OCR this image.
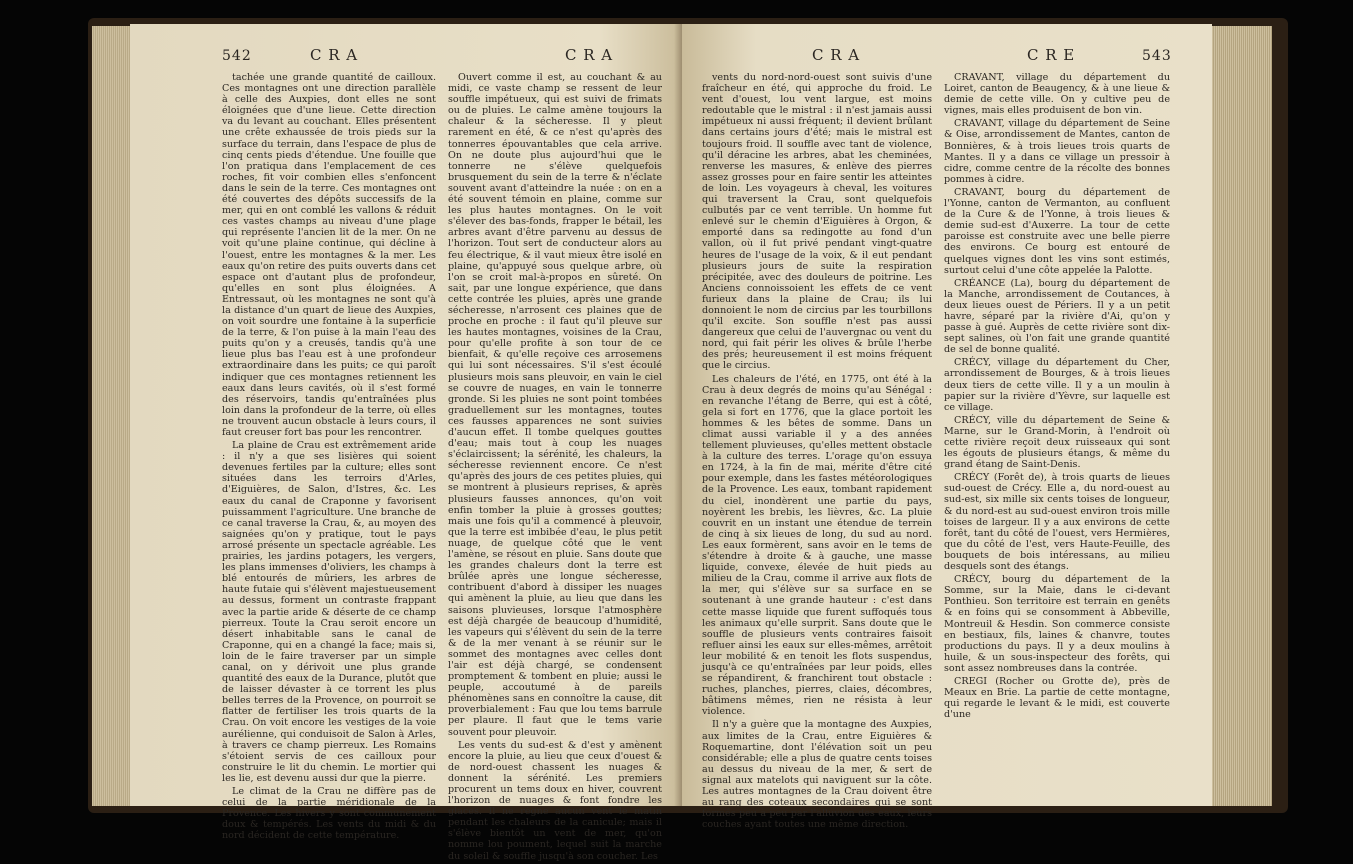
542	C R A	C R A

tachée une grande quantité de cailloux. Ces montagnes ont une direction parallèle à celle des Auxpies, dont elles ne sont éloignées que d'une lieue. Cette direction va du levant au couchant. Elles présentent une crête exhaussée de trois pieds sur la surface du terrain, dans l'espace de plus de cinq cents pieds d'étendue. Une fouille que l'on pratiqua dans l'emplacement de ces roches, fit voir combien elles s'enfoncent dans le sein de la terre. Ces montagnes ont été couvertes des dépôts successifs de la mer, qui en ont comblé les vallons & réduit ces vastes champs au niveau d'une plage qui représente l'ancien lit de la mer. On ne voit qu'une plaine continue, qui décline à l'ouest, entre les montagnes & la mer. Les eaux qu'on retire des puits ouverts dans cet espace ont d'autant plus de profondeur, qu'elles en sont plus éloignées. A Entressaut, où les montagnes ne sont qu'à la distance d'un quart de lieue des Auxpies, on voit sourdre une fontaine à la superficie de la terre, & l'on puise à la main l'eau des puits qu'on y a creusés, tandis qu'à une lieue plus bas l'eau est à une profondeur extraordinaire dans les puits; ce qui paroît indiquer que ces montagnes retiennent les eaux dans leurs cavités, où il s'est formé des réservoirs, tandis qu'entraînées plus loin dans la profondeur de la terre, où elles ne trouvent aucun obstacle à leurs cours, il faut creuser fort bas pour les rencontrer.

La plaine de Crau est extrêmement aride : il n'y a que ses lisières qui soient devenues fertiles par la culture; elles sont situées dans les terroirs d'Arles, d'Eiguières, de Salon, d'Istres, &c. Les eaux du canal de Craponne y favorisent puissamment l'agriculture. Une branche de ce canal traverse la Crau, &, au moyen des saignées qu'on y pratique, tout le pays arrosé présente un spectacle agréable. Les prairies, les jardins potagers, les vergers, les plans immenses d'oliviers, les champs à blé entourés de mûriers, les arbres de haute futaie qui s'élèvent majestueusement au dessus, forment un contraste frappant avec la partie aride & déserte de ce champ pierreux. Toute la Crau seroit encore un désert inhabitable sans le canal de Craponne, qui en a changé la face; mais si, loin de le faire traverser par un simple canal, on y dérivoit une plus grande quantité des eaux de la Durance, plutôt que de laisser dévaster à ce torrent les plus belles terres de la Provence, on pourroit se flatter de fertiliser les trois quarts de la Crau. On voit encore les vestiges de la voie aurélienne, qui conduisoit de Salon à Arles, à travers ce champ pierreux. Les Romains s'étoient servis de ces cailloux pour construire le lit du chemin. Le mortier qui les lie, est devenu aussi dur que la pierre.

Le climat de la Crau ne diffère pas de celui de la partie méridionale de la Provence. Les hivers y sont communément doux & tempérés. Les vents du midi & du nord décident de cette température.

Ouvert comme il est, au couchant & au midi, ce vaste champ se ressent de leur souffle impétueux, qui est suivi de frimats ou de pluies. Le calme amène toujours la chaleur & la sécheresse. Il y pleut rarement en été, & ce n'est qu'après des tonnerres épouvantables que cela arrive. On ne doute plus aujourd'hui que le tonnerre ne s'élève quelquefois brusquement du sein de la terre & n'éclate souvent avant d'atteindre la nuée : on en a été souvent témoin en plaine, comme sur les plus hautes montagnes. On le voit s'élever des bas-fonds, frapper le bétail, les arbres avant d'être parvenu au dessus de l'horizon. Tout sert de conducteur alors au feu électrique, & il vaut mieux être isolé en plaine, qu'appuyé sous quelque arbre, où l'on se croit mal-à-propos en sûreté. On sait, par une longue expérience, que dans cette contrée les pluies, après une grande sécheresse, n'arrosent ces plaines que de proche en proche : il faut qu'il pleuve sur les hautes montagnes, voisines de la Crau, pour qu'elle profite à son tour de ce bienfait, & qu'elle reçoive ces arrosemens qui lui sont nécessaires. S'il s'est écoulé plusieurs mois sans pleuvoir, en vain le ciel se couvre de nuages, en vain le tonnerre gronde. Si les pluies ne sont point tombées graduellement sur les montagnes, toutes ces fausses apparences ne sont suivies d'aucun effet. Il tombe quelques gouttes d'eau; mais tout à coup les nuages s'éclaircissent; la sérénité, les chaleurs, la sécheresse reviennent encore. Ce n'est qu'après des jours de ces petites pluies, qui se montrent à plusieurs reprises, & après plusieurs fausses annonces, qu'on voit enfin tomber la pluie à grosses gouttes; mais une fois qu'il a commencé à pleuvoir, que la terre est imbibée d'eau, le plus petit nuage, de quelque côté que le vent l'amène, se résout en pluie. Sans doute que les grandes chaleurs dont la terre est brûlée après une longue sécheresse, contribuent d'abord à dissiper les nuages qui amènent la pluie, au lieu que dans les saisons pluvieuses, lorsque l'atmosphère est déjà chargée de beaucoup d'humidité, les vapeurs qui s'élèvent du sein de la terre & de la mer venant à se réunir sur le sommet des montagnes avec celles dont l'air est déjà chargé, se condensent promptement & tombent en pluie; aussi le peuple, accoutumé à de pareils phénomènes sans en connoître la cause, dit proverbialement : Fau que lou tems barrule per plaure. Il faut que le tems varie souvent pour pleuvoir.

Les vents du sud-est & d'est y amènent encore la pluie, au lieu que ceux d'ouest & de nord-ouest chassent les nuages & donnent la sérénité. Les premiers procurent un tems doux en hiver, couvrent l'horizon de nuages & font fondre les glaces. Il ne règne aucun vent le matin pendant les chaleurs de la canicule; mais il s'élève bientôt un vent de mer, qu'on nomme lou poument, lequel suit la marche du soleil & souffle jusqu'à son coucher. Les

C R A	C R E	543

vents du nord-nord-ouest sont suivis d'une fraîcheur en été, qui approche du froid. Le vent d'ouest, lou vent largue, est moins redoutable que le mistral : il n'est jamais aussi impétueux ni aussi fréquent; il devient brûlant dans certains jours d'été; mais le mistral est toujours froid. Il souffle avec tant de violence, qu'il déracine les arbres, abat les cheminées, renverse les masures, & enlève des pierres assez grosses pour en faire sentir les atteintes de loin. Les voyageurs à cheval, les voitures qui traversent la Crau, sont quelquefois culbutés par ce vent terrible. Un homme fut enlevé sur le chemin d'Eiguières à Orgon, & emporté dans sa redingotte au fond d'un vallon, où il fut privé pendant vingt-quatre heures de l'usage de la voix, & il eut pendant plusieurs jours de suite la respiration précipitée, avec des douleurs de poitrine. Les Anciens connoissoient les effets de ce vent furieux dans la plaine de Crau; ils lui donnoient le nom de circius par les tourbillons qu'il excite. Son souffle n'est pas aussi dangereux que celui de l'auvergnac ou vent du nord, qui fait périr les olives & brûle l'herbe des prés; heureusement il est moins fréquent que le circius.

Les chaleurs de l'été, en 1775, ont été à la Crau à deux degrés de moins qu'au Sénégal : en revanche l'étang de Berre, qui est à côté, gela si fort en 1776, que la glace portoit les hommes & les bêtes de somme. Dans un climat aussi variable il y a des années tellement pluvieuses, qu'elles mettent obstacle à la culture des terres. L'orage qu'on essuya en 1724, à la fin de mai, mérite d'être cité pour exemple, dans les fastes météorologiques de la Provence. Les eaux, tombant rapidement du ciel, inondèrent une partie du pays, noyèrent les brebis, les lièvres, &c. La pluie couvrit en un instant une étendue de terrein de cinq à six lieues de long, du sud au nord. Les eaux formèrent, sans avoir en le tems de s'étendre à droite & à gauche, une masse liquide, convexe, élevée de huit pieds au milieu de la Crau, comme il arrive aux flots de la mer, qui s'élève sur sa surface en se soutenant à une grande hauteur : c'est dans cette masse liquide que furent suffoqués tous les animaux qu'elle surprit. Sans doute que le souffle de plusieurs vents contraires faisoit refluer ainsi les eaux sur elles-mêmes, arrêtoit leur mobilité & en tenoit les flots suspendus, jusqu'à ce qu'entraînées par leur poids, elles se répandirent, & franchirent tout obstacle : ruches, planches, pierres, claies, décombres, bâtimens mêmes, rien ne résista à leur violence.

Il n'y a guère que la montagne des Auxpies, aux limites de la Crau, entre Eiguières & Roquemartine, dont l'élévation soit un peu considérable; elle a plus de quatre cents toises au dessus du niveau de la mer, & sert de signal aux matelots qui naviguent sur la côte. Les autres montagnes de la Crau doivent être au rang des coteaux secondaires qui se sont formés peu à peu par l'alluvion des eaux, leurs couches ayant toutes une même direction.

CRAVANT, village du département du Loiret, canton de Beaugency, & à une lieue & demie de cette ville. On y cultive peu de vignes, mais elles produisent de bon vin.

CRAVANT, village du département de Seine & Oise, arrondissement de Mantes, canton de Bonnières, & à trois lieues trois quarts de Mantes. Il y a dans ce village un pressoir à cidre, comme centre de la récolte des bonnes pommes à cidre.

CRAVANT, bourg du département de l'Yonne, canton de Vermanton, au confluent de la Cure & de l'Yonne, à trois lieues & demie sud-est d'Auxerre. La tour de cette paroisse est construite avec une belle pierre des environs. Ce bourg est entouré de quelques vignes dont les vins sont estimés, surtout celui d'une côte appelée la Palotte.

CRÉANCE (La), bourg du département de la Manche, arrondissement de Coutances, à deux lieues ouest de Périers. Il y a un petit havre, séparé par la rivière d'Ai, qu'on y passe à gué. Auprès de cette rivière sont dix-sept salines, où l'on fait une grande quantité de sel de bonne qualité.

CRÉCY, village du département du Cher, arrondissement de Bourges, & à trois lieues deux tiers de cette ville. Il y a un moulin à papier sur la rivière d'Yèvre, sur laquelle est ce village.

CRÉCY, ville du département de Seine & Marne, sur le Grand-Morin, à l'endroit où cette rivière reçoit deux ruisseaux qui sont les égouts de plusieurs étangs, & même du grand étang de Saint-Denis.

CRÉCY (Forêt de), à trois quarts de lieues sud-ouest de Crécy. Elle a, du nord-ouest au sud-est, six mille six cents toises de longueur, & du nord-est au sud-ouest environ trois mille toises de largeur. Il y a aux environs de cette forêt, tant du côté de l'ouest, vers Hermières, que du côté de l'est, vers Haute-Feuille, des bouquets de bois intéressans, au milieu desquels sont des étangs.

CRÉCY, bourg du département de la Somme, sur la Maie, dans le ci-devant Ponthieu. Son territoire est terrain en genêts & en foins qui se consomment à Abbeville, Montreuil & Hesdin. Son commerce consiste en bestiaux, fils, laines & chanvre, toutes productions du pays. Il y a deux moulins à huile, & un sous-inspecteur des forêts, qui sont assez nombreuses dans la contrée.

CREGI (Rocher ou Grotte de), près de Meaux en Brie. La partie de cette montagne, qui regarde le levant & le midi, est couverte d'une
